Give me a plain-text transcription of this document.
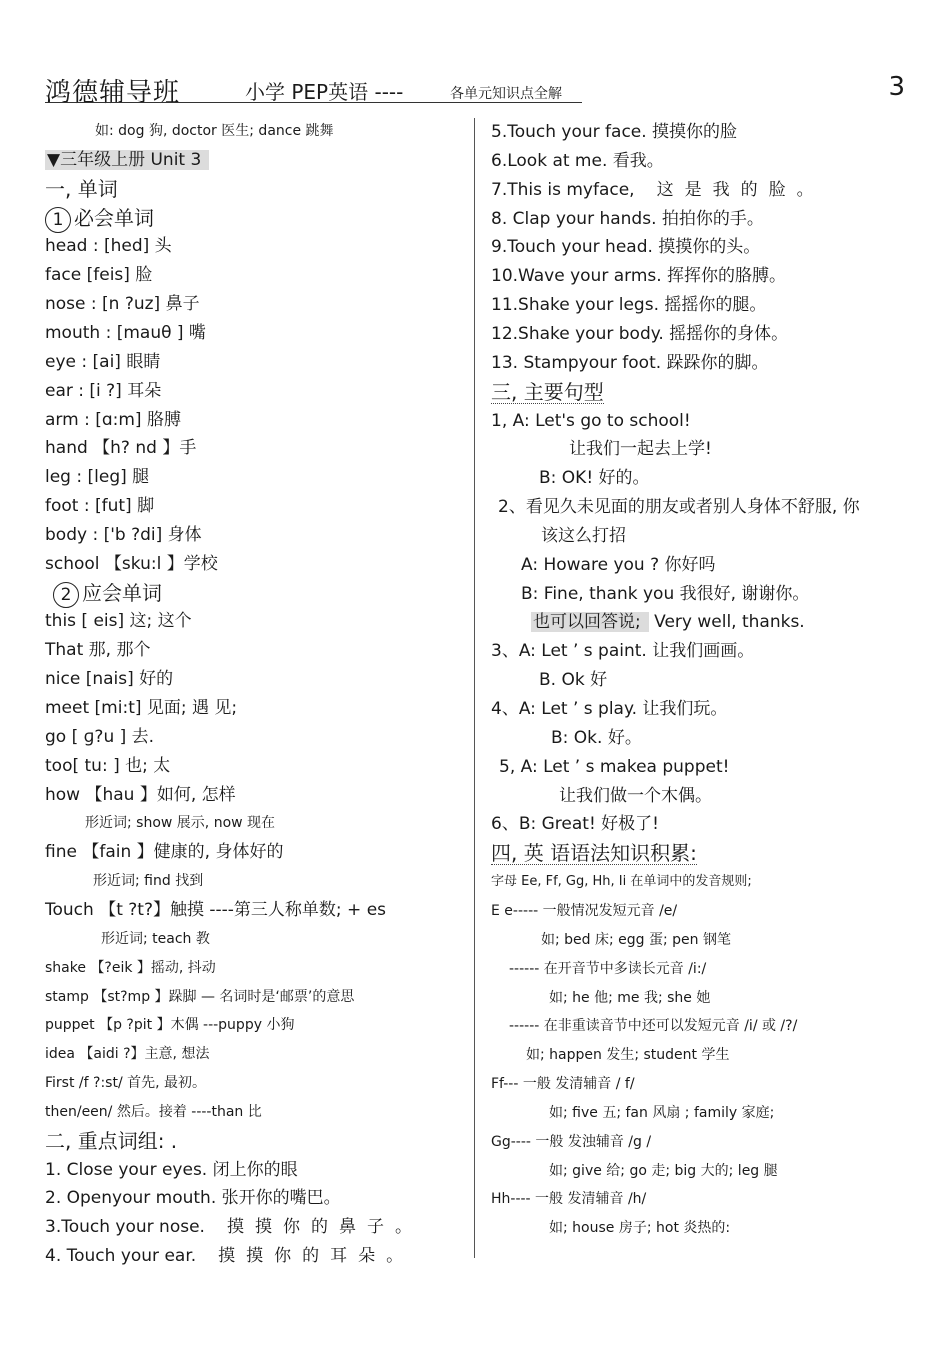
鸿德辅导班	小学 PEP英语 ----	各单元知识点全解	3
如: dog 狗, doctor 医生; dance 跳舞
▼三年级上册 Unit 3
一, 单词
1 必会单词
head : [hed] 头
face [feis] 脸
nose : [n ?uz] 鼻子
mouth : [mauθ ] 嘴
eye : [ai] 眼睛
ear : [i ?] 耳朵
arm : [ɑ:m] 胳膊
hand 【h? nd 】手
leg : [leg] 腿
foot : [fut] 脚
body : ['b ?di] 身体
school 【sku:l 】学校
2 应会单词
this [ eis] 这; 这个
That 那, 那个
nice [nais] 好的
meet [mi:t] 见面; 遇 见;
go [ ɡ?u ] 去.
too[ tu: ] 也; 太
how 【hau 】如何, 怎样
形近词; show 展示, now 现在
fine 【fain 】健康的, 身体好的
形近词; find 找到
Touch 【t ?t?】触摸 ----第三人称单数; + es
形近词; teach 教
shake 【?eik 】摇动, 抖动
stamp 【st?mp 】跺脚 — 名词时是‘邮票’的意思
puppet 【p ?pit 】木偶 ---puppy 小狗
idea 【aidi ?】主意, 想法
First /f ?:st/ 首先, 最初。
then/een/ 然后。接着 ----than 比
二, 重点词组: .
1. Close your eyes. 闭上你的眼
2. Openyour mouth. 张开你的嘴巴。
3.Touch your nose. 摸摸你的鼻子。
4. Touch your ear. 摸摸你的耳朵。
5.Touch your face. 摸摸你的脸
6.Look at me. 看我。
7.This is myface, 这是我的脸。
8. Clap your hands. 拍拍你的手。
9.Touch your head. 摸摸你的头。
10.Wave your arms. 挥挥你的胳膊。
11.Shake your legs. 摇摇你的腿。
12.Shake your body. 摇摇你的身体。
13. Stampyour foot. 跺跺你的脚。
三, 主要句型
1, A: Let's go to school!
让我们一起去上学!
B: OK! 好的。
2、看见久未见面的朋友或者别人身体不舒服, 你
该这么打招
A: Howare you ? 你好吗
B: Fine, thank you 我很好, 谢谢你。
也可以回答说; Very well, thanks.
3、A: Let ’ s paint. 让我们画画。
B. Ok 好
4、A: Let ’ s play. 让我们玩。
B: Ok. 好。
5, A: Let ’ s makea puppet!
让我们做一个木偶。
6、B: Great! 好极了!
四, 英 语语法知识积累:
字母 Ee, Ff, Gg, Hh, Ii 在单词中的发音规则;
E e----- 一般情况发短元音 /e/
如; bed 床; egg 蛋; pen 钢笔
------ 在开音节中多读长元音 /i:/
如; he 他; me 我; she 她
------ 在非重读音节中还可以发短元音 /i/ 或 /?/
如; happen 发生; student 学生
Ff--- 一般 发清辅音 / f/
如; five 五; fan 风扇 ; family 家庭;
Gg---- 一般 发浊辅音 /g /
如; give 给; go 走; big 大的; leg 腿
Hh---- 一般 发清辅音 /h/
如; house 房子; hot 炎热的:
